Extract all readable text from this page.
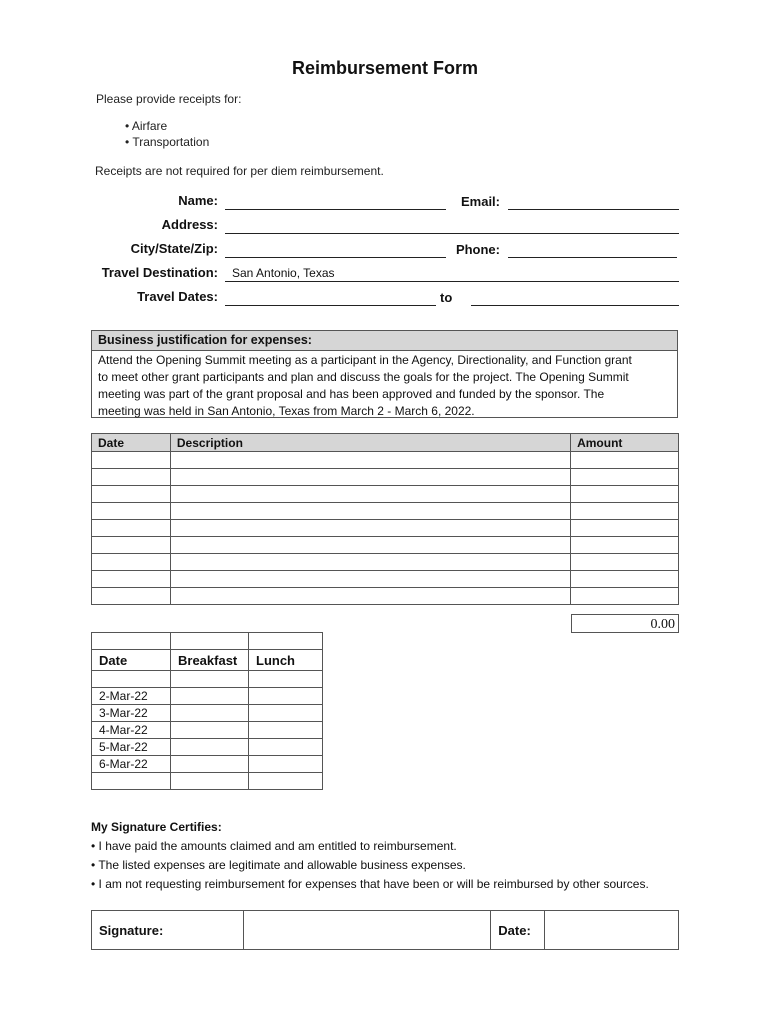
Reimbursement Form
Please provide receipts for:
• Airfare
• Transportation
Receipts are not required for per diem reimbursement.
Name:	Email:
Address:
City/State/Zip:	Phone:
Travel Destination: San Antonio, Texas
Travel Dates:	to
Business justification for expenses:
Attend the Opening Summit meeting as a participant in the Agency, Directionality, and Function grant
to meet other grant participants and plan and discuss the goals for the project. The Opening Summit
meeting was part of the grant proposal and has been approved and funded by the sponsor. The
meeting was held in San Antonio, Texas from March 2 - March 6, 2022.
Date	Description	Amount

0.00

Date	Breakfast	Lunch

2-Mar-22		
3-Mar-22		
4-Mar-22		
5-Mar-22		
6-Mar-22		

My Signature Certifies:
• I have paid the amounts claimed and am entitled to reimbursement.
• The listed expenses are legitimate and allowable business expenses.
• I am not requesting reimbursement for expenses that have been or will be reimbursed by other sources.
Signature:		Date:	
